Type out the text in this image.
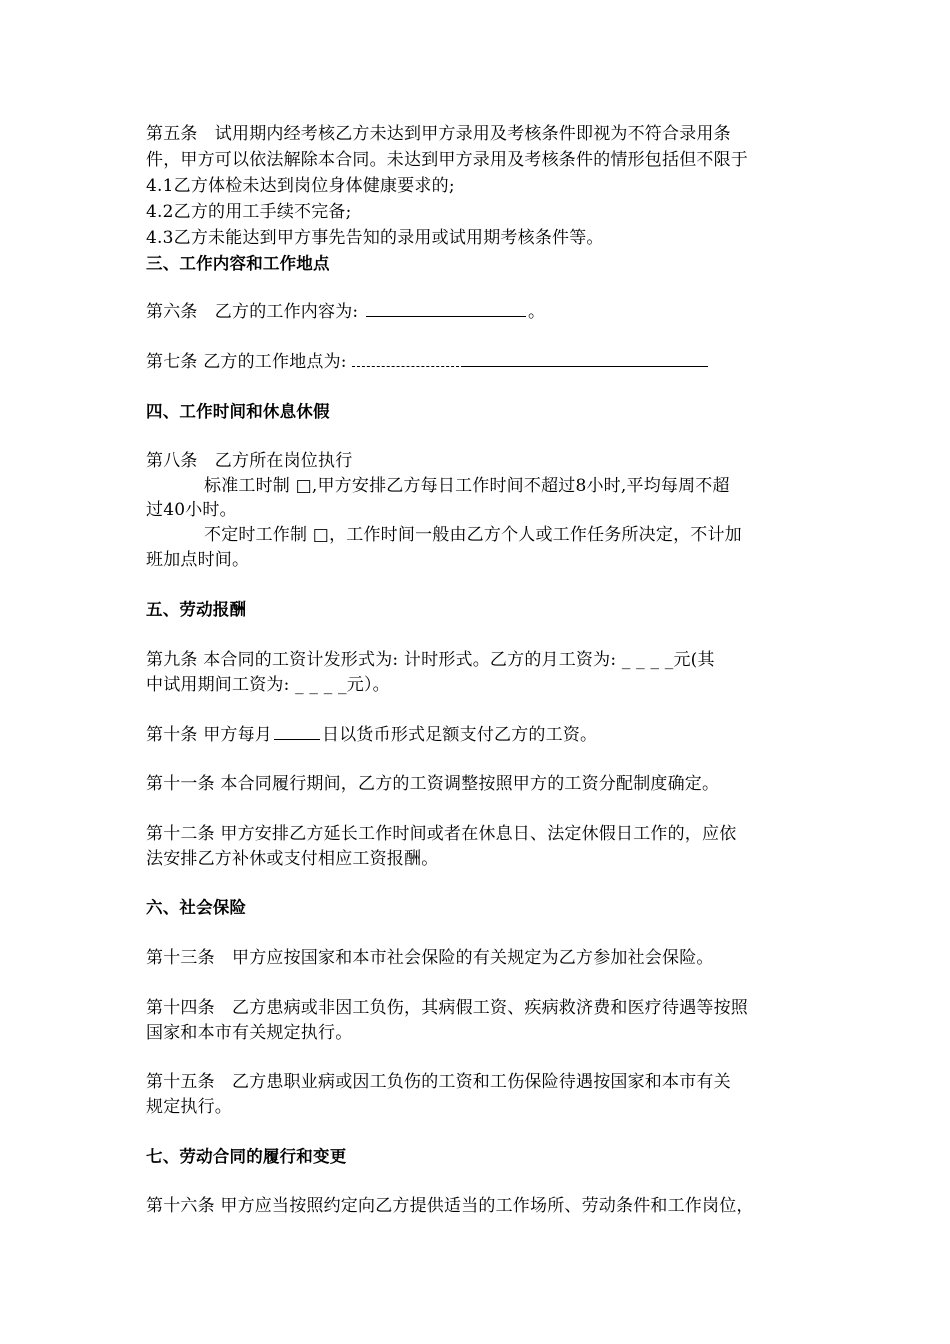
第五条　试用期内经考核乙方未达到甲方录用及考核条件即视为不符合录用条
件，甲方可以依法解除本合同。未达到甲方录用及考核条件的情形包括但不限于
4.1乙方体检未达到岗位身体健康要求的;
4.2乙方的用工手续不完备;
4.3乙方未能达到甲方事先告知的录用或试用期考核条件等。
三、工作内容和工作地点
第六条　乙方的工作内容为:	。
第七条 乙方的工作地点为:
四、工作时间和休息休假
第八条　乙方所在岗位执行
标准工时制 □,甲方安排乙方每日工作时间不超过8小时,平均每周不超
过40小时。
不定时工作制 □，工作时间一般由乙方个人或工作任务所决定，不计加
班加点时间。
五、劳动报酬
第九条 本合同的工资计发形式为: 计时形式。乙方的月工资为: _ _ _ _元(其
中试用期间工资为: _ _ _ _元）。
第十条 甲方每月	日以货币形式足额支付乙方的工资。
第十一条 本合同履行期间，乙方的工资调整按照甲方的工资分配制度确定。
第十二条 甲方安排乙方延长工作时间或者在休息日、法定休假日工作的，应依
法安排乙方补休或支付相应工资报酬。
六、社会保险
第十三条　甲方应按国家和本市社会保险的有关规定为乙方参加社会保险。
第十四条　乙方患病或非因工负伤，其病假工资、疾病救济费和医疗待遇等按照
国家和本市有关规定执行。
第十五条　乙方患职业病或因工负伤的工资和工伤保险待遇按国家和本市有关
规定执行。
七、劳动合同的履行和变更
第十六条 甲方应当按照约定向乙方提供适当的工作场所、劳动条件和工作岗位，
